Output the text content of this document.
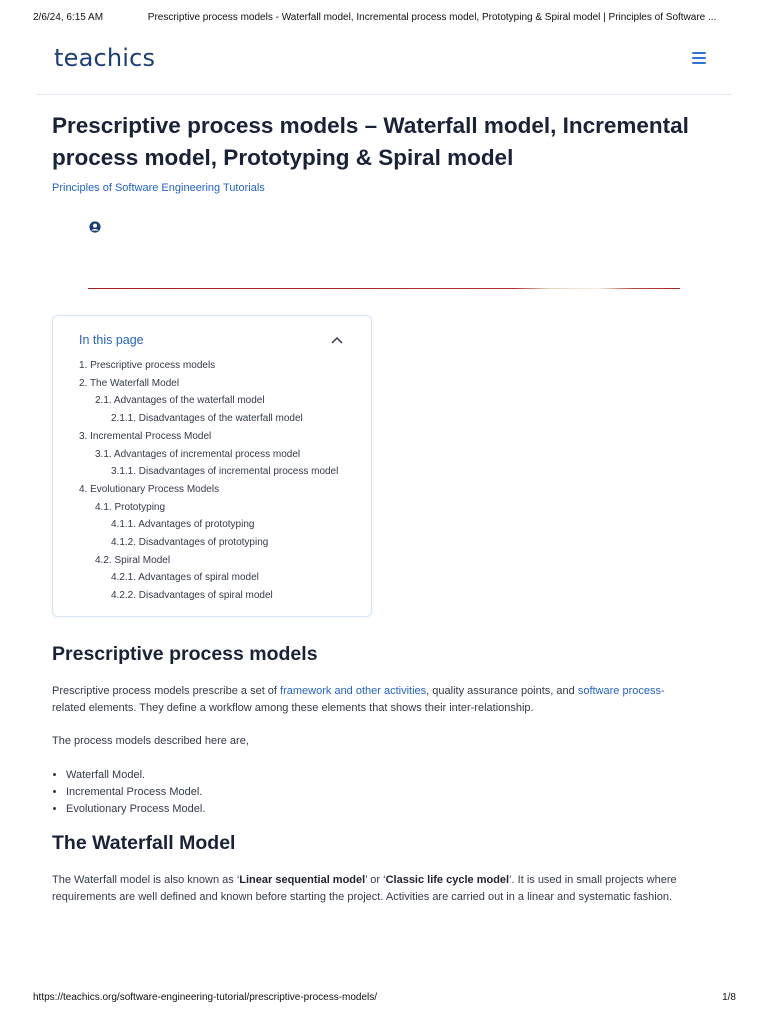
2/6/24, 6:15 AM	Prescriptive process models - Waterfall model, Incremental process model, Prototyping & Spiral model | Principles of Software ...
teachics
Prescriptive process models – Waterfall model, Incremental process model, Prototyping & Spiral model
Principles of Software Engineering Tutorials
In this page
1. Prescriptive process models
2. The Waterfall Model
2.1. Advantages of the waterfall model
2.1.1. Disadvantages of the waterfall model
3. Incremental Process Model
3.1. Advantages of incremental process model
3.1.1. Disadvantages of incremental process model
4. Evolutionary Process Models
4.1. Prototyping
4.1.1. Advantages of prototyping
4.1.2. Disadvantages of prototyping
4.2. Spiral Model
4.2.1. Advantages of spiral model
4.2.2. Disadvantages of spiral model
Prescriptive process models

Prescriptive process models prescribe a set of framework and other activities, quality assurance points, and software process-related elements. They define a workflow among these elements that shows their inter-relationship.

The process models described here are,

• Waterfall Model.
• Incremental Process Model.
• Evolutionary Process Model.
The Waterfall Model

The Waterfall model is also known as ‘Linear sequential model’ or ‘Classic life cycle model’. It is used in small projects where requirements are well defined and known before starting the project. Activities are carried out in a linear and systematic fashion.

https://teachics.org/software-engineering-tutorial/prescriptive-process-models/	1/8
